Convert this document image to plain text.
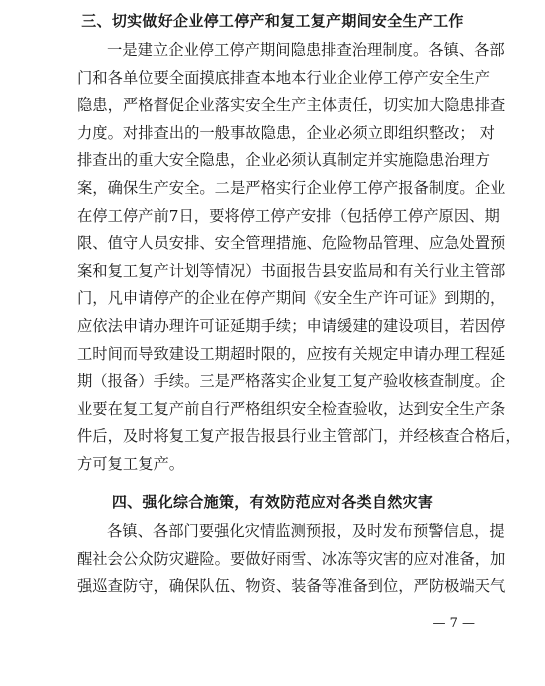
三、切实做好企业停工停产和复工复产期间安全生产工作
一是建立企业停工停产期间隐患排查治理制度。各镇、各部
门和各单位要全面摸底排查本地本行业企业停工停产安全生产
隐患，严格督促企业落实安全生产主体责任，切实加大隐患排查
力度。对排查出的一般事故隐患，企业必须立即组织整改； 对
排查出的重大安全隐患，企业必须认真制定并实施隐患治理方
案，确保生产安全。二是严格实行企业停工停产报备制度。企业
在停工停产前7日，要将停工停产安排（包括停工停产原因、期
限、值守人员安排、安全管理措施、危险物品管理、应急处置预
案和复工复产计划等情况）书面报告县安监局和有关行业主管部
门，凡申请停产的企业在停产期间《安全生产许可证》到期的，
应依法申请办理许可证延期手续；申请缓建的建设项目，若因停
工时间而导致建设工期超时限的，应按有关规定申请办理工程延
期（报备）手续。三是严格落实企业复工复产验收核查制度。企
业要在复工复产前自行严格组织安全检查验收，达到安全生产条
件后，及时将复工复产报告报县行业主管部门，并经核查合格后，
方可复工复产。
四、强化综合施策，有效防范应对各类自然灾害
各镇、各部门要强化灾情监测预报，及时发布预警信息，提
醒社会公众防灾避险。要做好雨雪、冰冻等灾害的应对准备，加
强巡查防守，确保队伍、物资、装备等准备到位，严防极端天气
— 7 —
